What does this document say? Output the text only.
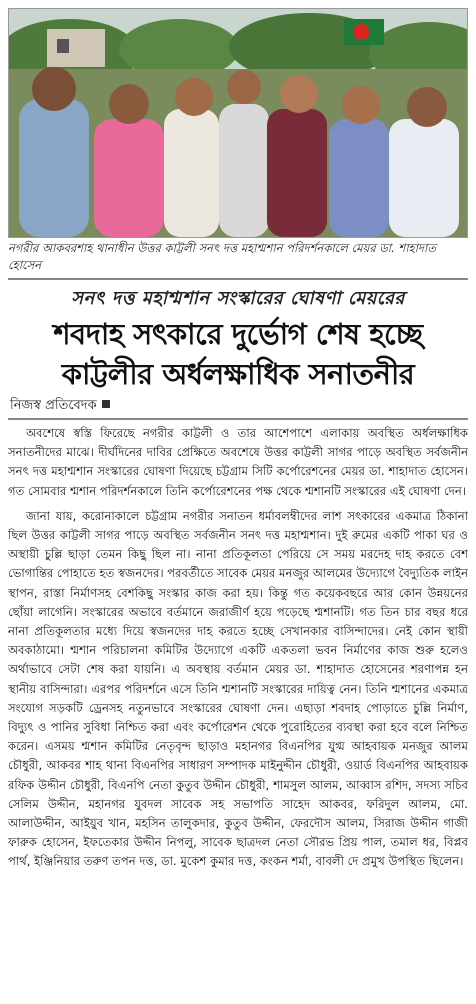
নগরীর আকবরশাহ থানাধীন উত্তর কাট্টলী সনৎ দত্ত মহাশ্মশান পরিদর্শনকালে মেয়র ডা. শাহাদাত হোসেন
সনৎ দত্ত মহাশ্মশান সংস্কারের ঘোষণা মেয়রের
শবদাহ সৎকারে দুর্ভোগ শেষ হচ্ছে
কাট্টলীর অর্ধলক্ষাধিক সনাতনীর
নিজস্ব প্রতিবেদক

অবশেষে স্বস্তি ফিরেছে নগরীর কাট্টলী ও তার আশেপাশে এলাকায় অবস্থিত অর্ধলক্ষাধিক সনাতনীদের মাঝে। দীর্ঘদিনের দাবির প্রেক্ষিতে অবশেষে উত্তর কাট্টলী সাগর পাড়ে অবস্থিত সর্বজনীন সনৎ দত্ত মহাশ্মশান সংস্কারের ঘোষণা দিয়েছে চট্টগ্রাম সিটি কর্পোরেশনের মেয়র ডা. শাহাদাত হোসেন। গত সোমবার শ্মশান পরিদর্শনকালে তিনি কর্পোরেশনের পক্ষ থেকে শ্মশানটি সংস্কারের এই ঘোষণা দেন।

জানা যায়, করোনাকালে চট্টগ্রাম নগরীর সনাতন ধর্মাবলম্বীদের লাশ সৎকারের একমাত্র ঠিকানা ছিল উত্তর কাট্টলী সাগর পাড়ে অবস্থিত সর্বজনীন সনৎ দত্ত মহাশ্মশান। দুই রুমের একটি পাকা ঘর ও অস্থায়ী চুল্লি ছাড়া তেমন কিছু ছিল না। নানা প্রতিকূলতা পেরিয়ে সে সময় মরদেহ দাহ করতে বেশ ভোগান্তির পোহাতে হত স্বজনদের। পরবর্তীতে সাবেক মেয়র মনজুর আলমের উদ্যোগে বৈদ্যুতিক লাইন স্থাপন, রাস্তা নির্মাণসহ বেশকিছু সংস্কার কাজ করা হয়। কিন্তু গত কয়েকবছরে আর কোন উন্নয়নের ছোঁয়া লাগেনি। সংস্কারের অভাবে বর্তমানে জরাজীর্ণ হয়ে পড়েছে শ্মশানটি। গত তিন চার বছর ধরে নানা প্রতিকূলতার মধ্যে দিয়ে স্বজনদের দাহ করতে হচ্ছে সেখানকার বাসিন্দাদের। নেই কোন স্থায়ী অবকাঠামো। শ্মশান পরিচালনা কমিটির উদ্যোগে একটি একতলা ভবন নির্মাণের কাজ শুরু হলেও অর্থাভাবে সেটা শেষ করা যায়নি। এ অবস্থায় বর্তমান মেয়র ডা. শাহাদাত হোসেনের শরণাপন্ন হন স্থানীয় বাসিন্দারা। এরপর পরিদর্শনে এসে তিনি শ্মশানটি সংস্কারের দায়িত্ব নেন। তিনি শ্মশানের একমাত্র সংযোগ সড়কটি ড্রেনসহ নতুনভাবে সংস্কারের ঘোষণা দেন। এছাড়া শবদাহ পোড়াতে চুল্লি নির্মাণ, বিদ্যুৎ ও পানির সুবিধা নিশ্চিত করা এবং কর্পোরেশন থেকে পুরোহিতের ব্যবস্থা করা হবে বলে নিশ্চিত করেন। এসময় শ্মশান কমিটির নেতৃবৃন্দ ছাড়াও মহানগর বিএনপির যুগ্ম আহবায়ক মনজুর আলম চৌধুরী, আকবর শাহ থানা বিএনপির সাধারণ সম্পাদক মাইনুদ্দীন চৌধুরী, ওয়ার্ড বিএনপির আহবায়ক রফিক উদ্দীন চৌধুরী, বিএনপি নেতা কুতুব উদ্দীন চৌধুরী, শামসুল আলম, আব্বাস রশিদ, সদস্য সচিব সেলিম উদ্দীন, মহানগর যুবদল সাবেক সহ সভাপতি সাহেদ আকবর, ফরিদুল আলম, মো. আলাউদ্দীন, আইয়ুব খান, মহসিন তালুকদার, কুতুব উদ্দীন, ফেরদৌস আলম, সিরাজ উদ্দীন গাজী ফারুক হোসেন, ইফতেকার উদ্দীন নিপলু, সাবেক ছাত্রদল নেতা সৌরভ প্রিয় পাল, তমাল ধর, বিপ্লব পার্থ, ইঞ্জিনিয়ার তরুণ তপন দত্ত, ডা. মুকেশ কুমার দত্ত, কংকন শর্মা, বাবলী দে প্রমুখ উপস্থিত ছিলেন।
